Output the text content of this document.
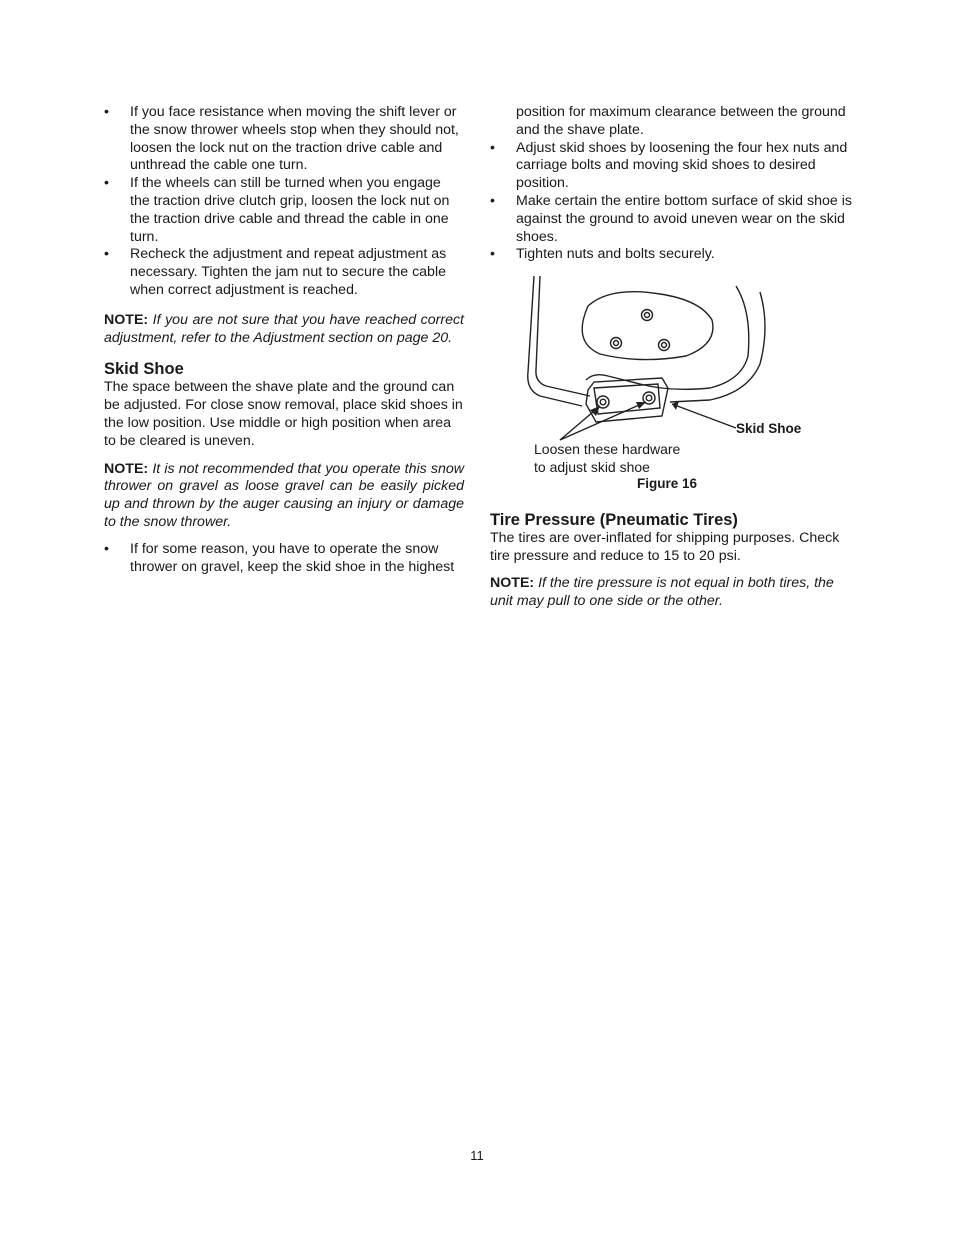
• If you face resistance when moving the shift lever or the snow thrower wheels stop when they should not, loosen the lock nut on the traction drive cable and unthread the cable one turn.
• If the wheels can still be turned when you engage the traction drive clutch grip, loosen the lock nut on the traction drive cable and thread the cable in one turn.
• Recheck the adjustment and repeat adjustment as necessary. Tighten the jam nut to secure the cable when correct adjustment is reached.

NOTE: If you are not sure that you have reached correct adjustment, refer to the Adjustment section on page 20.

Skid Shoe

The space between the shave plate and the ground can be adjusted. For close snow removal, place skid shoes in the low position. Use middle or high position when area to be cleared is uneven.

NOTE: It is not recommended that you operate this snow thrower on gravel as loose gravel can be easily picked up and thrown by the auger causing an injury or damage to the snow thrower.

• If for some reason, you have to operate the snow thrower on gravel, keep the skid shoe in the highest
position for maximum clearance between the ground and the shave plate.
• Adjust skid shoes by loosening the four hex nuts and carriage bolts and moving skid shoes to desired position.
• Make certain the entire bottom surface of skid shoe is against the ground to avoid uneven wear on the skid shoes.
• Tighten nuts and bolts securely.
Skid Shoe
Loosen these hardware
to adjust skid shoe
Figure 16
Tire Pressure (Pneumatic Tires)

The tires are over-inflated for shipping purposes. Check tire pressure and reduce to 15 to 20 psi.

NOTE: If the tire pressure is not equal in both tires, the unit may pull to one side or the other.

11
